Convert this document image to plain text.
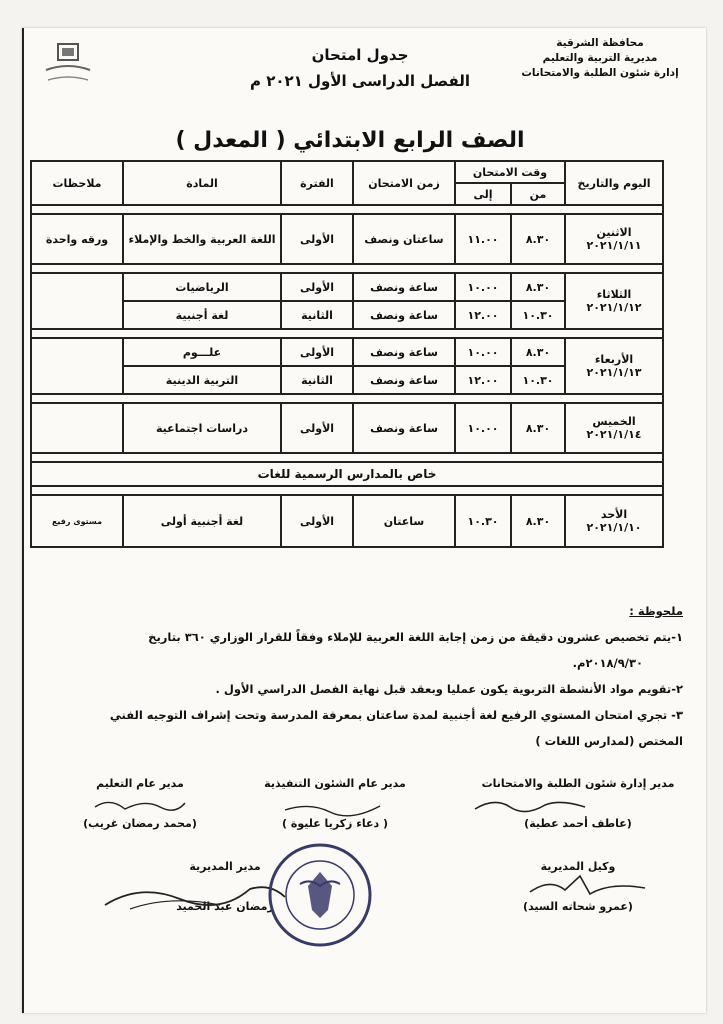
محافظة الشرقية
مديرية التربية والتعليم
إدارة شئون الطلبة والامتحانات
جدول امتحان
الفصل الدراسى الأول ٢٠٢١ م
الصف الرابع الابتدائي ( المعدل )
اليوم والتاريخ	وقت الامتحان		زمن الامتحان	الفترة	المادة	ملاحظات
	من	إلى				

الاثنين
٢٠٢١/١/١١	٨.٣٠	١١.٠٠	ساعتان ونصف	الأولى	اللغة العربية والخط والإملاء	ورقه واحدة

الثلاثاء
٢٠٢١/١/١٢	٨.٣٠	١٠.٠٠	ساعة ونصف	الأولى	الرياضيات	
	١٠.٣٠	١٢.٠٠	ساعة ونصف	الثانية	لغة أجنبية	

الأربعاء
٢٠٢١/١/١٣	٨.٣٠	١٠.٠٠	ساعة ونصف	الأولى	علـــوم	
	١٠.٣٠	١٢.٠٠	ساعة ونصف	الثانية	التربية الدينية	

الخميس
٢٠٢١/١/١٤	٨.٣٠	١٠.٠٠	ساعة ونصف	الأولى	دراسات اجتماعية	

خاص بالمدارس الرسمية للغات						

الأحد
٢٠٢١/١/١٠	٨.٣٠	١٠.٣٠	ساعتان	الأولى	لغة أجنبية أولى	مستوى رفيع
ملحوظة :
١-يتم تخصيص عشرون دقيقة من زمن إجابة اللغة العربية للإملاء وفقاً للقرار الوزاري ٣٦٠ بتاريخ
٢٠١٨/٩/٣٠م.
٢-تقويم مواد الأنشطة التربوية يكون عمليا وبعقد قبل نهاية الفصل الدراسي الأول .
٣- تجري امتحان المستوي الرفيع لغة أجنبية لمدة ساعتان بمعرفة المدرسة وتحت إشراف التوجيه الفني
المختص (لمدارس اللغات )
مدير إدارة شئون الطلبة والامتحانات
(عاطف أحمد عطية)
مدير عام الشئون التنفيذية
( دعاء زكريا عليوة )
مدير عام التعليم
(محمد رمضان غريب)
وكيل المديرية
(عمرو شحاته السيد)
مدير المديرية
رمضان عبد الحميد
